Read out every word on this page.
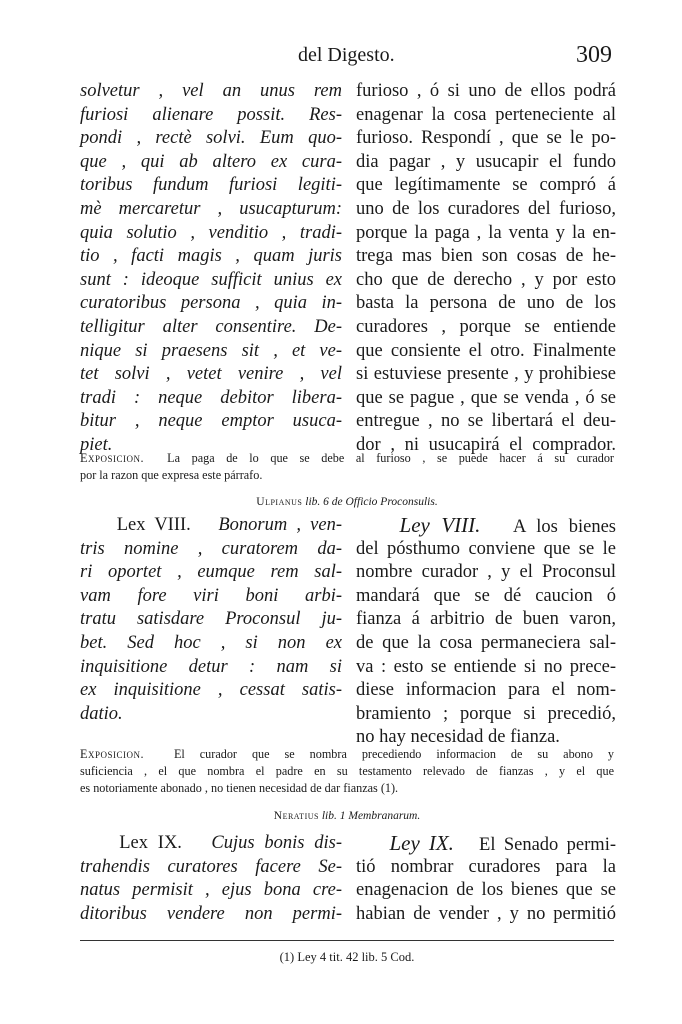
del Digesto.	309
solvetur , vel an unus rem
furiosi alienare possit. Res-
pondi , rectè solvi. Eum quo-
que , qui ab altero ex cura-
toribus fundum furiosi legiti-
mè mercaretur , usucapturum:
quia solutio , venditio , tradi-
tio , facti magis , quam juris
sunt : ideoque sufficit unius ex
curatoribus persona , quia in-
telligitur alter consentire. De-
nique si praesens sit , et ve-
tet solvi , vetet venire , vel
tradi : neque debitor libera-
bitur , neque emptor usuca-
piet.
furioso , ó si uno de ellos podrá
enagenar la cosa perteneciente al
furioso. Respondí , que se le po-
dia pagar , y usucapir el fundo
que legítimamente se compró á
uno de los curadores del furioso,
porque la paga , la venta y la en-
trega mas bien son cosas de he-
cho que de derecho , y por esto
basta la persona de uno de los
curadores , porque se entiende
que consiente el otro. Finalmente
si estuviese presente , y prohibiese
que se pague , que se venda , ó se
entregue , no se libertará el deu-
dor , ni usucapirá el comprador.
Exposicion. La paga de lo que se debe al furioso , se puede hacer á su curador
por la razon que expresa este párrafo.
Ulpianus lib. 6 de Officio Proconsulis.
Lex VIII. Bonorum , ven-
tris nomine , curatorem da-
ri oportet , eumque rem sal-
vam fore viri boni arbi-
tratu satisdare Proconsul ju-
bet. Sed hoc , si non ex
inquisitione detur : nam si
ex inquisitione , cessat satis-
datio.
Ley VIII. A los bienes
del pósthumo conviene que se le
nombre curador , y el Proconsul
mandará que se dé caucion ó
fianza á arbitrio de buen varon,
de que la cosa permaneciera sal-
va : esto se entiende si no prece-
diese informacion para el nom-
bramiento ; porque si precedió,
no hay necesidad de fianza.
Exposicion. El curador que se nombra precediendo informacion de su abono y
suficiencia , el que nombra el padre en su testamento relevado de fianzas , y el que
es notoriamente abonado , no tienen necesidad de dar fianzas (1).
Neratius lib. 1 Membranarum.
Lex IX. Cujus bonis dis-
trahendis curatores facere Se-
natus permisit , ejus bona cre-
ditoribus vendere non permi-
Ley IX. El Senado permi-
tió nombrar curadores para la
enagenacion de los bienes que se
habian de vender , y no permitió
(1) Ley 4 tit. 42 lib. 5 Cod.
